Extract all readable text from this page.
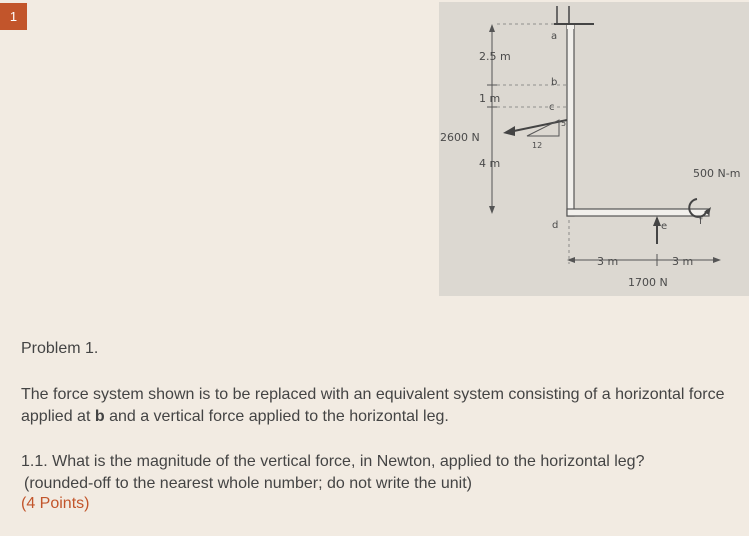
1
a
b
c
d	e	f
2.5 m
1 m
4 m
2600 N
12
5
500 N-m
3 m	3 m
1700 N
Problem 1.
The force system shown is to be replaced with an equivalent system consisting of a horizontal force applied at b and a vertical force applied to the horizontal leg.
1.1. What is the magnitude of the vertical force, in Newton, applied to the horizontal leg?
(rounded-off to the nearest whole number; do not write the unit)
(4 Points)
